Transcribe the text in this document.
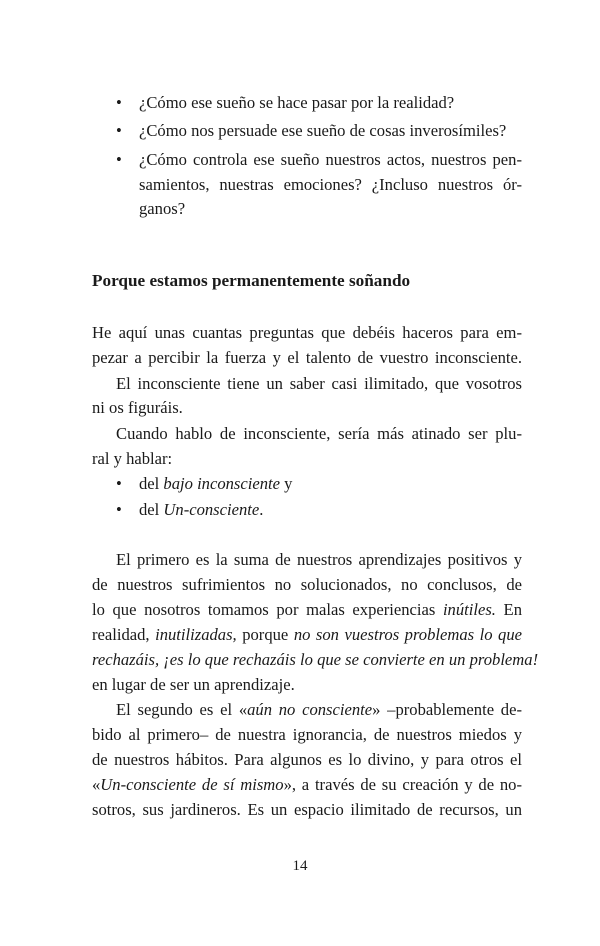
• ¿Cómo ese sueño se hace pasar por la realidad?
• ¿Cómo nos persuade ese sueño de cosas inverosímiles?
• ¿Cómo controla ese sueño nuestros actos, nuestros pen-
samientos, nuestras emociones? ¿Incluso nuestros ór-
ganos?
Porque estamos permanentemente soñando
He aquí unas cuantas preguntas que debéis haceros para em-
pezar a percibir la fuerza y el talento de vuestro inconsciente.
El inconsciente tiene un saber casi ilimitado, que vosotros
ni os figuráis.
Cuando hablo de inconsciente, sería más atinado ser plu-
ral y hablar:
• del bajo inconsciente y
• del Un-consciente.
El primero es la suma de nuestros aprendizajes positivos y
de nuestros sufrimientos no solucionados, no conclusos, de
lo que nosotros tomamos por malas experiencias inútiles. En
realidad, inutilizadas, porque no son vuestros problemas lo que
rechazáis, ¡es lo que rechazáis lo que se convierte en un problema!
en lugar de ser un aprendizaje.
El segundo es el «aún no consciente» –probablemente de-
bido al primero– de nuestra ignorancia, de nuestros miedos y
de nuestros hábitos. Para algunos es lo divino, y para otros el
«Un-consciente de sí mismo», a través de su creación y de no-
sotros, sus jardineros. Es un espacio ilimitado de recursos, un
14
